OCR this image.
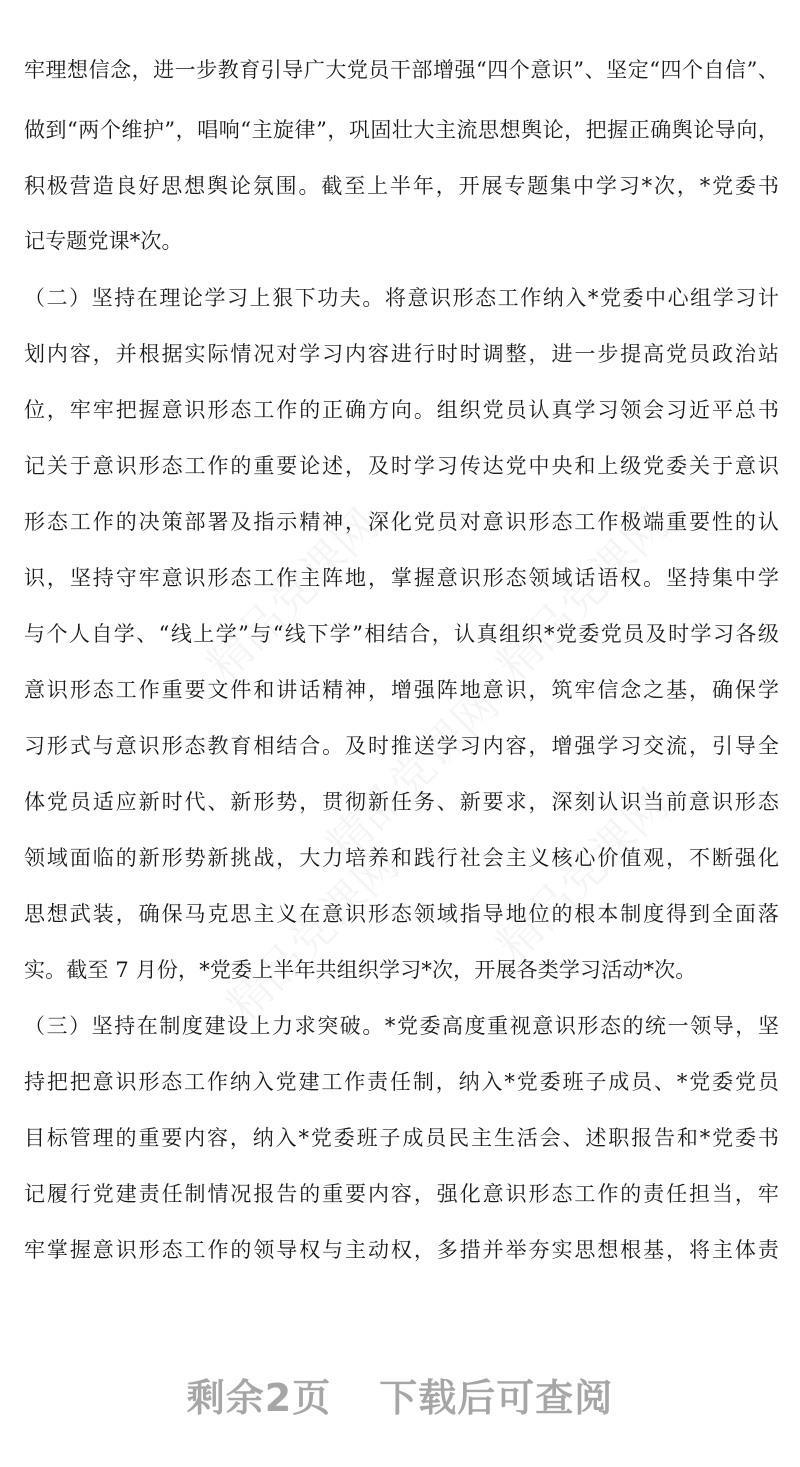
牢理想信念，进一步教育引导广大党员干部增强“四个意识”、坚定“四个自信”、
做到“两个维护”，唱响“主旋律”，巩固壮大主流思想舆论，把握正确舆论导向，
积极营造良好思想舆论氛围。截至上半年，开展专题集中学习*次，*党委书
记专题党课*次。
（二）坚持在理论学习上狠下功夫。将意识形态工作纳入*党委中心组学习计
划内容，并根据实际情况对学习内容进行时时调整，进一步提高党员政治站
位，牢牢把握意识形态工作的正确方向。组织党员认真学习领会习近平总书
记关于意识形态工作的重要论述，及时学习传达党中央和上级党委关于意识
形态工作的决策部署及指示精神，深化党员对意识形态工作极端重要性的认
识，坚持守牢意识形态工作主阵地，掌握意识形态领域话语权。坚持集中学
与个人自学、“线上学”与“线下学”相结合，认真组织*党委党员及时学习各级
意识形态工作重要文件和讲话精神，增强阵地意识，筑牢信念之基，确保学
习形式与意识形态教育相结合。及时推送学习内容，增强学习交流，引导全
体党员适应新时代、新形势，贯彻新任务、新要求，深刻认识当前意识形态
领域面临的新形势新挑战，大力培养和践行社会主义核心价值观，不断强化
思想武装，确保马克思主义在意识形态领域指导地位的根本制度得到全面落
实。截至 7 月份，*党委上半年共组织学习*次，开展各类学习活动*次。
（三）坚持在制度建设上力求突破。*党委高度重视意识形态的统一领导，坚
持把把意识形态工作纳入党建工作责任制，纳入*党委班子成员、*党委党员
目标管理的重要内容，纳入*党委班子成员民主生活会、述职报告和*党委书
记履行党建责任制情况报告的重要内容，强化意识形态工作的责任担当，牢
牢掌握意识形态工作的领导权与主动权，多措并举夯实思想根基，将主体责
剩余2页 下载后可查阅
